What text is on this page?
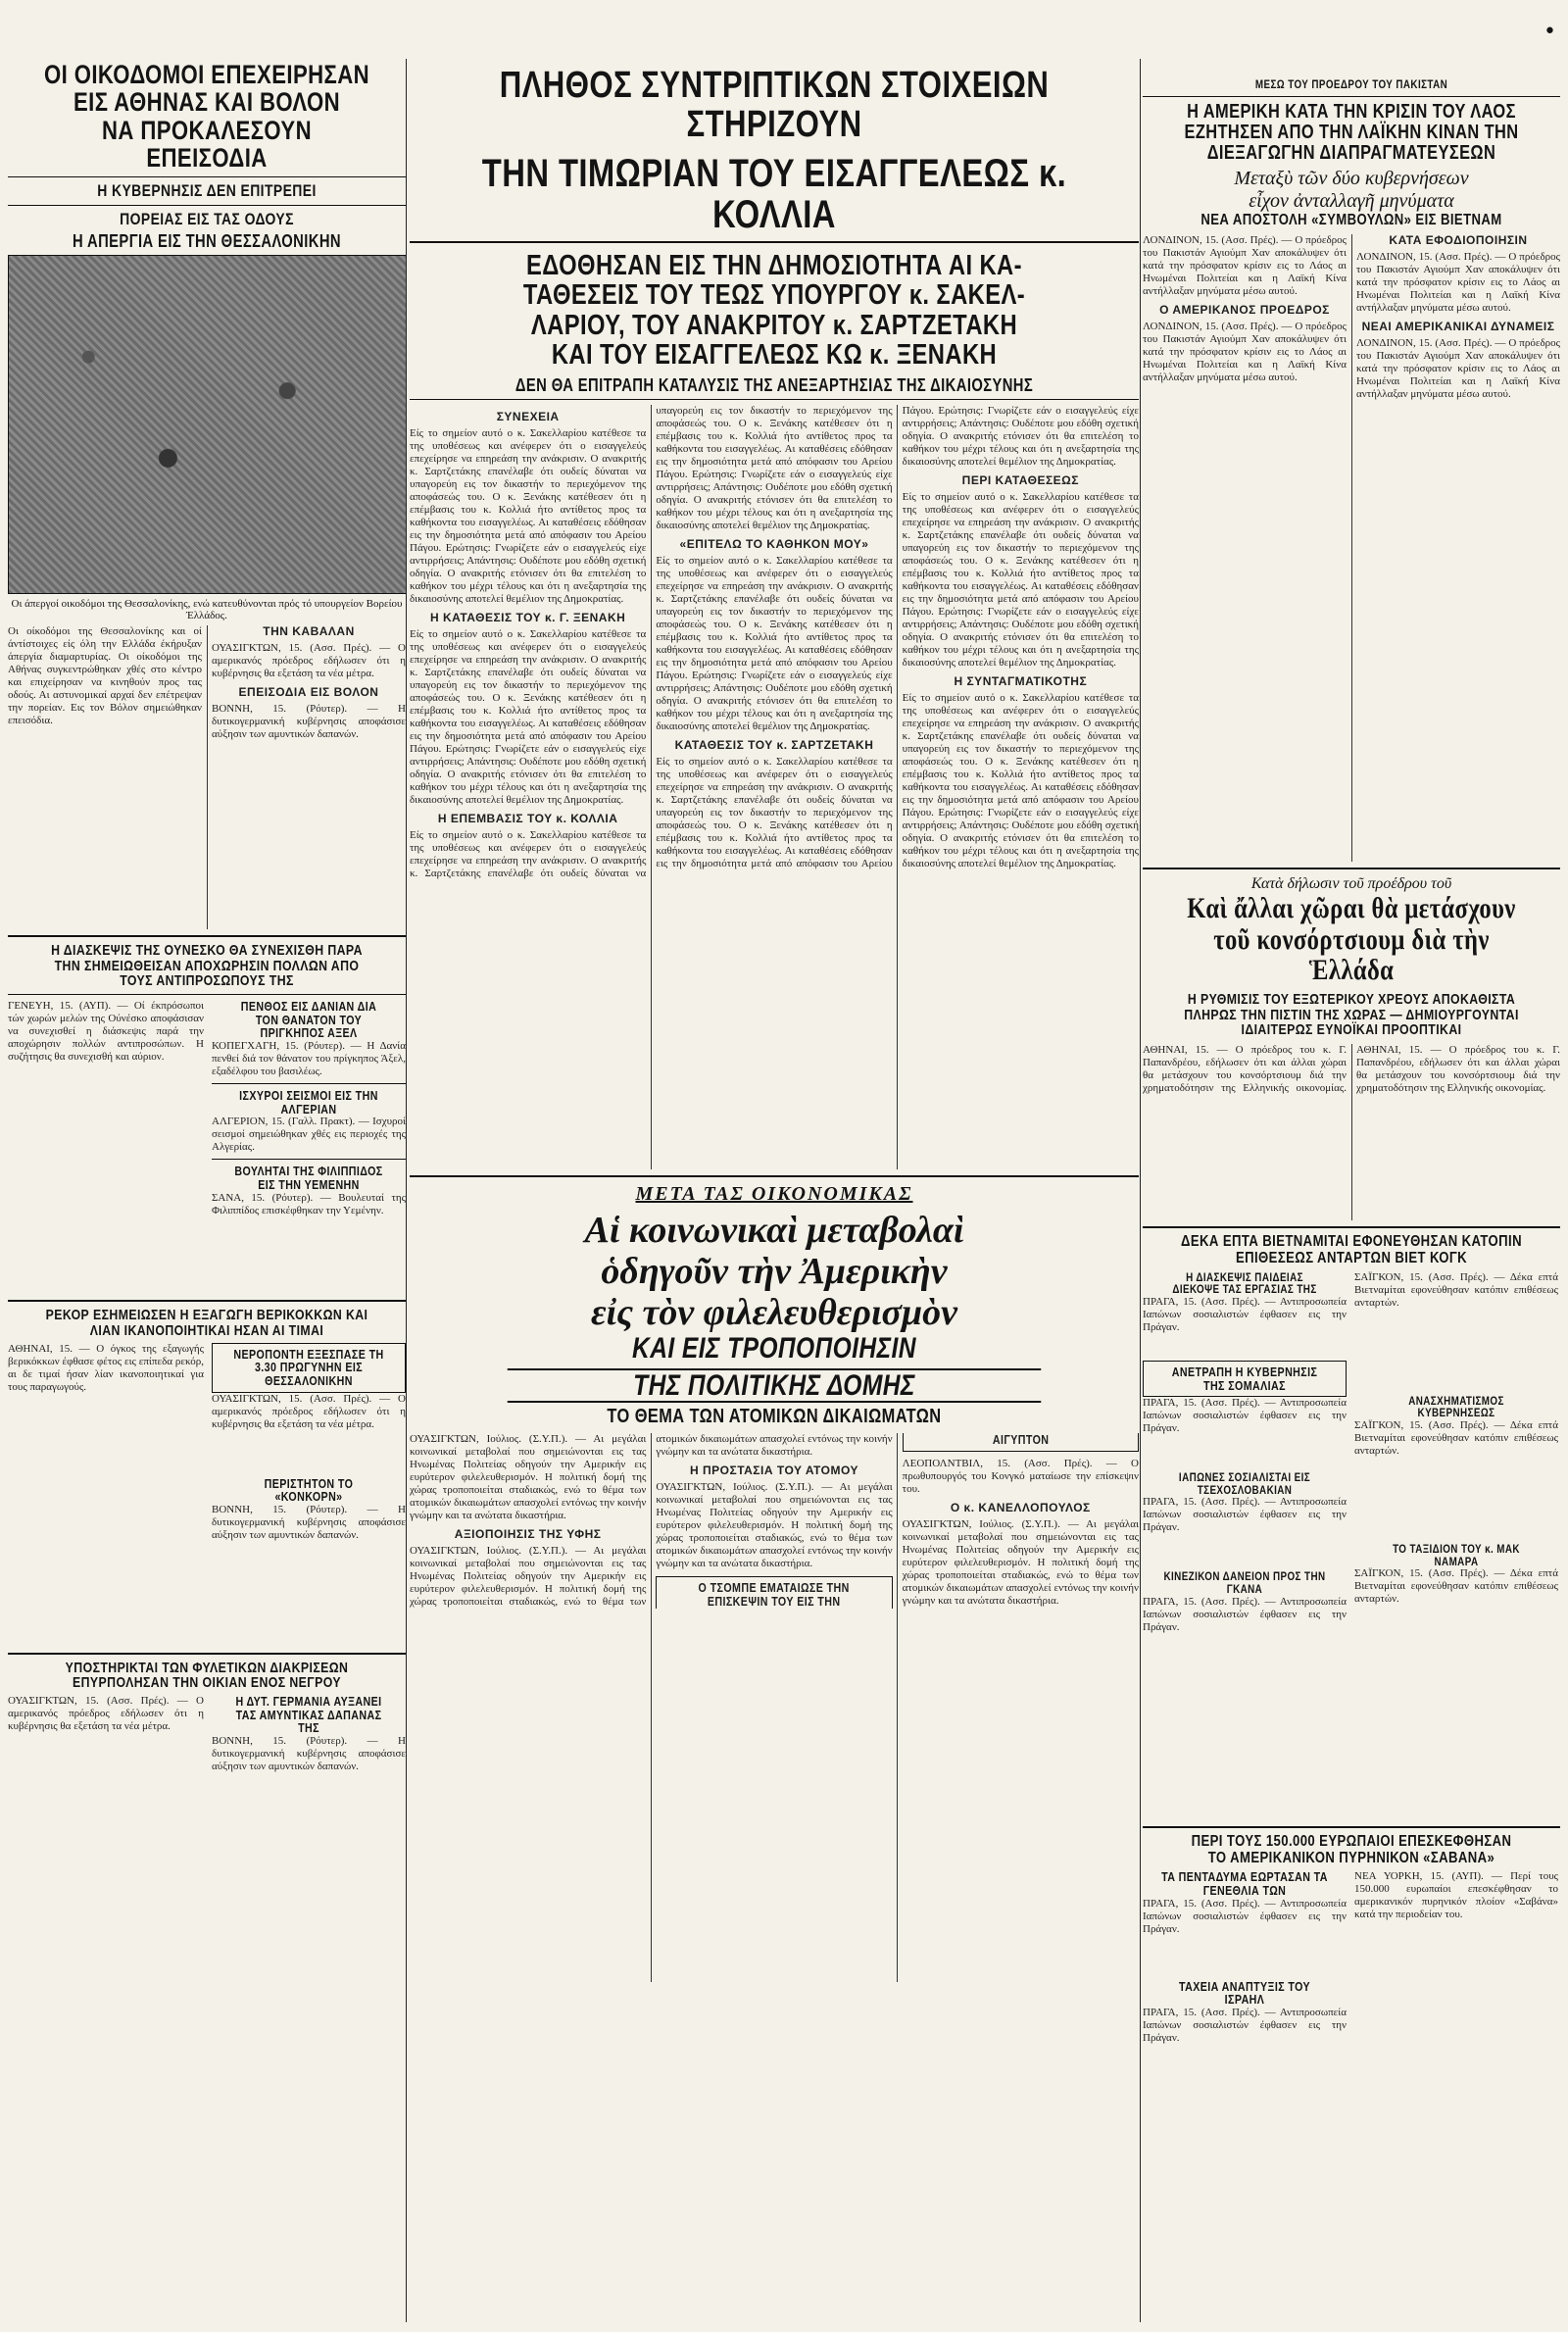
ΟΙ ΟΙΚΟΔΟΜΟΙ ΕΠΕΧΕΙΡΗΣΑΝ
ΕΙΣ ΑΘΗΝΑΣ ΚΑΙ ΒΟΛΟΝ
ΝΑ ΠΡΟΚΑΛΕΣΟΥΝ ΕΠΕΙΣΟΔΙΑ
Η ΚΥΒΕΡΝΗΣΙΣ ΔΕΝ ΕΠΙΤΡΕΠΕΙ
ΠΟΡΕΙΑΣ ΕΙΣ ΤΑΣ ΟΔΟΥΣ
Η ΑΠΕΡΓΙΑ ΕΙΣ ΤΗΝ ΘΕΣΣΑΛΟΝΙΚΗΝ
Οι άπεργοί οικοδόμοι της Θεσσαλονίκης, ενώ κατευθύνονται πρός τό υπουργείον Βορείου Έλλάδος.
Οι οίκοδόμοι της Θεσσαλονίκης και οί άντίστοιχες είς όλη την Ελλάδα έκήρυξαν άπεργία διαμαρτυρίας. Οι οίκοδόμοι της Αθήνας συγκεντρώθηκαν χθές στο κέντρο και επιχείρησαν να κινηθούν προς τας οδούς. Αι αστυνομικαί αρχαί δεν επέτρεψαν την πορείαν. Εις τον Βόλον σημειώθηκαν επεισόδια.
ΤΗΝ ΚΑΒΑΛΑΝ
ΟΥΑΣΙΓΚΤΩΝ, 15. (Ασσ. Πρές). — Ο αμερικανός πρόεδρος εδήλωσεν ότι η κυβέρνησις θα εξετάση τα νέα μέτρα.
ΕΠΕΙΣΟΔΙΑ ΕΙΣ ΒΟΛΟΝ
ΒΟΝΝΗ, 15. (Ρόυτερ). — Η δυτικογερμανική κυβέρνησις αποφάσισε αύξησιν των αμυντικών δαπανών.
Η ΔΙΑΣΚΕΨΙΣ ΤΗΣ ΟΥΝΕΣΚΟ ΘΑ ΣΥΝΕΧΙΣΘΗ ΠΑΡΑ ΤΗΝ ΣΗΜΕΙΩΘΕΙΣΑΝ ΑΠΟΧΩΡΗΣΙΝ ΠΟΛΛΩΝ ΑΠΟ ΤΟΥΣ ΑΝΤΙΠΡΟΣΩΠΟΥΣ ΤΗΣ
ΓΕΝΕΥΗ, 15. (ΑΥΠ). — Οί έκπρόσωποι τών χωρών μελών της Ούνέσκο αποφάσισαν να συνεχισθεί η διάσκεψις παρά την αποχώρησιν πολλών αντιπροσώπων. Η συζήτησις θα συνεχισθή και αύριον.
ΠΕΝΘΟΣ ΕΙΣ ΔΑΝΙΑΝ ΔΙΑ ΤΟΝ ΘΑΝΑΤΟΝ ΤΟΥ ΠΡΙΓΚΗΠΟΣ ΑΞΕΛ
ΚΟΠΕΓΧΑΓΗ, 15. (Ρόυτερ). — Η Δανία πενθεί διά τον θάνατον του πρίγκηπος Άξελ, εξαδέλφου του βασιλέως.
ΙΣΧΥΡΟΙ ΣΕΙΣΜΟΙ ΕΙΣ ΤΗΝ ΑΛΓΕΡΙΑΝ
ΑΛΓΕΡΙΟΝ, 15. (Γαλλ. Πρακτ). — Ισχυροί σεισμοί σημειώθηκαν χθές εις περιοχές της Αλγερίας.
ΒΟΥΛΗΤΑΙ ΤΗΣ ΦΙΛΙΠΠΙΔΟΣ ΕΙΣ ΤΗΝ ΥΕΜΕΝΗΝ
ΣΑΝΑ, 15. (Ρόυτερ). — Βουλευταί της Φιλιππίδος επισκέφθηκαν την Υεμένην.
ΡΕΚΟΡ ΕΣΗΜΕΙΩΣΕΝ Η ΕΞΑΓΩΓΗ ΒΕΡΙΚΟΚΚΩΝ ΚΑΙ ΛΙΑΝ ΙΚΑΝΟΠΟΙΗΤΙΚΑΙ ΗΣΑΝ ΑΙ ΤΙΜΑΙ
ΑΘΗΝΑΙ, 15. — Ο όγκος της εξαγωγής βερικόκκων έφθασε φέτος εις επίπεδα ρεκόρ, αι δε τιμαί ήσαν λίαν ικανοποιητικαί για τους παραγωγούς.
ΝΕΡΟΠΟΝΤΗ ΕΞΕΣΠΑΣΕ ΤΗ 3.30 ΠΡΩΓΥΝΗΝ ΕΙΣ ΘΕΣΣΑΛΟΝΙΚΗΝ
ΟΥΑΣΙΓΚΤΩΝ, 15. (Ασσ. Πρές). — Ο αμερικανός πρόεδρος εδήλωσεν ότι η κυβέρνησις θα εξετάση τα νέα μέτρα.
ΠΕΡΙΣΤΗΤΟΝ ΤΟ «ΚΟΝΚΟΡΝ»
ΒΟΝΝΗ, 15. (Ρόυτερ). — Η δυτικογερμανική κυβέρνησις αποφάσισε αύξησιν των αμυντικών δαπανών.
ΥΠΟΣΤΗΡΙΚΤΑΙ ΤΩΝ ΦΥΛΕΤΙΚΩΝ ΔΙΑΚΡΙΣΕΩΝ ΕΠΥΡΠΟΛΗΣΑΝ ΤΗΝ ΟΙΚΙΑΝ ΕΝΟΣ ΝΕΓΡΟΥ
ΟΥΑΣΙΓΚΤΩΝ, 15. (Ασσ. Πρές). — Ο αμερικανός πρόεδρος εδήλωσεν ότι η κυβέρνησις θα εξετάση τα νέα μέτρα.
Η ΔΥΤ. ΓΕΡΜΑΝΙΑ ΑΥΞΑΝΕΙ ΤΑΣ ΑΜΥΝΤΙΚΑΣ ΔΑΠΑΝΑΣ ΤΗΣ
ΒΟΝΝΗ, 15. (Ρόυτερ). — Η δυτικογερμανική κυβέρνησις αποφάσισε αύξησιν των αμυντικών δαπανών.
ΠΛΗΘΟΣ ΣΥΝΤΡΙΠΤΙΚΩΝ ΣΤΟΙΧΕΙΩΝ ΣΤΗΡΙΖΟΥΝ
ΤΗΝ ΤΙΜΩΡΙΑΝ ΤΟΥ ΕΙΣΑΓΓΕΛΕΩΣ κ. ΚΟΛΛΙΑ
ΕΔΟΘΗΣΑΝ ΕΙΣ ΤΗΝ ΔΗΜΟΣΙΟΤΗΤΑ ΑΙ ΚΑ-
ΤΑΘΕΣΕΙΣ ΤΟΥ ΤΕΩΣ ΥΠΟΥΡΓΟΥ κ. ΣΑΚΕΛ-
ΛΑΡΙΟΥ, ΤΟΥ ΑΝΑΚΡΙΤΟΥ κ. ΣΑΡΤΖΕΤΑΚΗ
ΚΑΙ ΤΟΥ ΕΙΣΑΓΓΕΛΕΩΣ ΚΩ κ. ΞΕΝΑΚΗ
ΔΕΝ ΘΑ ΕΠΙΤΡΑΠΗ ΚΑΤΑΛΥΣΙΣ ΤΗΣ ΑΝΕΞΑΡΤΗΣΙΑΣ ΤΗΣ ΔΙΚΑΙΟΣΥΝΗΣ
ΣΥΝΕΧΕΙΑ
Είς το σημείον αυτό ο κ. Σακελλαρίου κατέθεσε τα της υποθέσεως και ανέφερεν ότι ο εισαγγελεύς επεχείρησε να επηρεάση την ανάκρισιν. Ο ανακριτής κ. Σαρτζετάκης επανέλαβε ότι ουδείς δύναται να υπαγορεύη εις τον δικαστήν το περιεχόμενον της αποφάσεώς του. Ο κ. Ξενάκης κατέθεσεν ότι η επέμβασις του κ. Κολλιά ήτο αντίθετος προς τα καθήκοντα του εισαγγελέως. Αι καταθέσεις εδόθησαν εις την δημοσιότητα μετά από απόφασιν του Αρείου Πάγου. Ερώτησις: Γνωρίζετε εάν ο εισαγγελεύς είχε αντιρρήσεις; Απάντησις: Ουδέποτε μου εδόθη σχετική οδηγία. Ο ανακριτής ετόνισεν ότι θα επιτελέση το καθήκον του μέχρι τέλους και ότι η ανεξαρτησία της δικαιοσύνης αποτελεί θεμέλιον της Δημοκρατίας.
Η ΚΑΤΑΘΕΣΙΣ ΤΟΥ κ. Γ. ΞΕΝΑΚΗ
Είς το σημείον αυτό ο κ. Σακελλαρίου κατέθεσε τα της υποθέσεως και ανέφερεν ότι ο εισαγγελεύς επεχείρησε να επηρεάση την ανάκρισιν. Ο ανακριτής κ. Σαρτζετάκης επανέλαβε ότι ουδείς δύναται να υπαγορεύη εις τον δικαστήν το περιεχόμενον της αποφάσεώς του. Ο κ. Ξενάκης κατέθεσεν ότι η επέμβασις του κ. Κολλιά ήτο αντίθετος προς τα καθήκοντα του εισαγγελέως. Αι καταθέσεις εδόθησαν εις την δημοσιότητα μετά από απόφασιν του Αρείου Πάγου. Ερώτησις: Γνωρίζετε εάν ο εισαγγελεύς είχε αντιρρήσεις; Απάντησις: Ουδέποτε μου εδόθη σχετική οδηγία. Ο ανακριτής ετόνισεν ότι θα επιτελέση το καθήκον του μέχρι τέλους και ότι η ανεξαρτησία της δικαιοσύνης αποτελεί θεμέλιον της Δημοκρατίας.
Η ΕΠΕΜΒΑΣΙΣ ΤΟΥ κ. ΚΟΛΛΙΑ
Είς το σημείον αυτό ο κ. Σακελλαρίου κατέθεσε τα της υποθέσεως και ανέφερεν ότι ο εισαγγελεύς επεχείρησε να επηρεάση την ανάκρισιν. Ο ανακριτής κ. Σαρτζετάκης επανέλαβε ότι ουδείς δύναται να υπαγορεύη εις τον δικαστήν το περιεχόμενον της αποφάσεώς του. Ο κ. Ξενάκης κατέθεσεν ότι η επέμβασις του κ. Κολλιά ήτο αντίθετος προς τα καθήκοντα του εισαγγελέως. Αι καταθέσεις εδόθησαν εις την δημοσιότητα μετά από απόφασιν του Αρείου Πάγου. Ερώτησις: Γνωρίζετε εάν ο εισαγγελεύς είχε αντιρρήσεις; Απάντησις: Ουδέποτε μου εδόθη σχετική οδηγία. Ο ανακριτής ετόνισεν ότι θα επιτελέση το καθήκον του μέχρι τέλους και ότι η ανεξαρτησία της δικαιοσύνης αποτελεί θεμέλιον της Δημοκρατίας.
«ΕΠΙΤΕΛΩ ΤΟ ΚΑΘΗΚΟΝ ΜΟΥ»
Είς το σημείον αυτό ο κ. Σακελλαρίου κατέθεσε τα της υποθέσεως και ανέφερεν ότι ο εισαγγελεύς επεχείρησε να επηρεάση την ανάκρισιν. Ο ανακριτής κ. Σαρτζετάκης επανέλαβε ότι ουδείς δύναται να υπαγορεύη εις τον δικαστήν το περιεχόμενον της αποφάσεώς του. Ο κ. Ξενάκης κατέθεσεν ότι η επέμβασις του κ. Κολλιά ήτο αντίθετος προς τα καθήκοντα του εισαγγελέως. Αι καταθέσεις εδόθησαν εις την δημοσιότητα μετά από απόφασιν του Αρείου Πάγου. Ερώτησις: Γνωρίζετε εάν ο εισαγγελεύς είχε αντιρρήσεις; Απάντησις: Ουδέποτε μου εδόθη σχετική οδηγία. Ο ανακριτής ετόνισεν ότι θα επιτελέση το καθήκον του μέχρι τέλους και ότι η ανεξαρτησία της δικαιοσύνης αποτελεί θεμέλιον της Δημοκρατίας.
ΚΑΤΑΘΕΣΙΣ ΤΟΥ κ. ΣΑΡΤΖΕΤΑΚΗ
Είς το σημείον αυτό ο κ. Σακελλαρίου κατέθεσε τα της υποθέσεως και ανέφερεν ότι ο εισαγγελεύς επεχείρησε να επηρεάση την ανάκρισιν. Ο ανακριτής κ. Σαρτζετάκης επανέλαβε ότι ουδείς δύναται να υπαγορεύη εις τον δικαστήν το περιεχόμενον της αποφάσεώς του. Ο κ. Ξενάκης κατέθεσεν ότι η επέμβασις του κ. Κολλιά ήτο αντίθετος προς τα καθήκοντα του εισαγγελέως. Αι καταθέσεις εδόθησαν εις την δημοσιότητα μετά από απόφασιν του Αρείου Πάγου. Ερώτησις: Γνωρίζετε εάν ο εισαγγελεύς είχε αντιρρήσεις; Απάντησις: Ουδέποτε μου εδόθη σχετική οδηγία. Ο ανακριτής ετόνισεν ότι θα επιτελέση το καθήκον του μέχρι τέλους και ότι η ανεξαρτησία της δικαιοσύνης αποτελεί θεμέλιον της Δημοκρατίας.
ΠΕΡΙ ΚΑΤΑΘΕΣΕΩΣ
Είς το σημείον αυτό ο κ. Σακελλαρίου κατέθεσε τα της υποθέσεως και ανέφερεν ότι ο εισαγγελεύς επεχείρησε να επηρεάση την ανάκρισιν. Ο ανακριτής κ. Σαρτζετάκης επανέλαβε ότι ουδείς δύναται να υπαγορεύη εις τον δικαστήν το περιεχόμενον της αποφάσεώς του. Ο κ. Ξενάκης κατέθεσεν ότι η επέμβασις του κ. Κολλιά ήτο αντίθετος προς τα καθήκοντα του εισαγγελέως. Αι καταθέσεις εδόθησαν εις την δημοσιότητα μετά από απόφασιν του Αρείου Πάγου. Ερώτησις: Γνωρίζετε εάν ο εισαγγελεύς είχε αντιρρήσεις; Απάντησις: Ουδέποτε μου εδόθη σχετική οδηγία. Ο ανακριτής ετόνισεν ότι θα επιτελέση το καθήκον του μέχρι τέλους και ότι η ανεξαρτησία της δικαιοσύνης αποτελεί θεμέλιον της Δημοκρατίας.
Η ΣΥΝΤΑΓΜΑΤΙΚΟΤΗΣ
Είς το σημείον αυτό ο κ. Σακελλαρίου κατέθεσε τα της υποθέσεως και ανέφερεν ότι ο εισαγγελεύς επεχείρησε να επηρεάση την ανάκρισιν. Ο ανακριτής κ. Σαρτζετάκης επανέλαβε ότι ουδείς δύναται να υπαγορεύη εις τον δικαστήν το περιεχόμενον της αποφάσεώς του. Ο κ. Ξενάκης κατέθεσεν ότι η επέμβασις του κ. Κολλιά ήτο αντίθετος προς τα καθήκοντα του εισαγγελέως. Αι καταθέσεις εδόθησαν εις την δημοσιότητα μετά από απόφασιν του Αρείου Πάγου. Ερώτησις: Γνωρίζετε εάν ο εισαγγελεύς είχε αντιρρήσεις; Απάντησις: Ουδέποτε μου εδόθη σχετική οδηγία. Ο ανακριτής ετόνισεν ότι θα επιτελέση το καθήκον του μέχρι τέλους και ότι η ανεξαρτησία της δικαιοσύνης αποτελεί θεμέλιον της Δημοκρατίας.
ΜΕΤΑ ΤΑΣ ΟΙΚΟΝΟΜΙΚΑΣ
Αἱ κοινωνικαὶ μεταβολαὶ
ὁδηγοῦν τὴν Ἀμερικὴν
εἰς τὸν φιλελευθερισμὸν
ΚΑΙ ΕΙΣ ΤΡΟΠΟΠΟΙΗΣΙΝ
ΤΗΣ ΠΟΛΙΤΙΚΗΣ ΔΟΜΗΣ
ΤΟ ΘΕΜΑ ΤΩΝ ΑΤΟΜΙΚΩΝ ΔΙΚΑΙΩΜΑΤΩΝ
ΟΥΑΣΙΓΚΤΩΝ, Ιούλιος. (Σ.Υ.Π.). — Αι μεγάλαι κοινωνικαί μεταβολαί που σημειώνονται εις τας Ηνωμένας Πολιτείας οδηγούν την Αμερικήν εις ευρύτερον φιλελευθερισμόν. Η πολιτική δομή της χώρας τροποποιείται σταδιακώς, ενώ το θέμα των ατομικών δικαιωμάτων απασχολεί εντόνως την κοινήν γνώμην και τα ανώτατα δικαστήρια.
ΑΞΙΟΠΟΙΗΣΙΣ ΤΗΣ ΥΦΗΣ
ΟΥΑΣΙΓΚΤΩΝ, Ιούλιος. (Σ.Υ.Π.). — Αι μεγάλαι κοινωνικαί μεταβολαί που σημειώνονται εις τας Ηνωμένας Πολιτείας οδηγούν την Αμερικήν εις ευρύτερον φιλελευθερισμόν. Η πολιτική δομή της χώρας τροποποιείται σταδιακώς, ενώ το θέμα των ατομικών δικαιωμάτων απασχολεί εντόνως την κοινήν γνώμην και τα ανώτατα δικαστήρια.
Η ΠΡΟΣΤΑΣΙΑ ΤΟΥ ΑΤΟΜΟΥ
ΟΥΑΣΙΓΚΤΩΝ, Ιούλιος. (Σ.Υ.Π.). — Αι μεγάλαι κοινωνικαί μεταβολαί που σημειώνονται εις τας Ηνωμένας Πολιτείας οδηγούν την Αμερικήν εις ευρύτερον φιλελευθερισμόν. Η πολιτική δομή της χώρας τροποποιείται σταδιακώς, ενώ το θέμα των ατομικών δικαιωμάτων απασχολεί εντόνως την κοινήν γνώμην και τα ανώτατα δικαστήρια.
Ο ΤΣΟΜΠΕ ΕΜΑΤΑΙΩΣΕ ΤΗΝ ΕΠΙΣΚΕΨΙΝ ΤΟΥ ΕΙΣ ΤΗΝ ΑΙΓΥΠΤΟΝ
ΛΕΟΠΟΛΝΤΒΙΛ, 15. (Ασσ. Πρές). — Ο πρωθυπουργός του Κονγκό ματαίωσε την επίσκεψιν του.
Ο κ. ΚΑΝΕΛΛΟΠΟΥΛΟΣ
ΟΥΑΣΙΓΚΤΩΝ, Ιούλιος. (Σ.Υ.Π.). — Αι μεγάλαι κοινωνικαί μεταβολαί που σημειώνονται εις τας Ηνωμένας Πολιτείας οδηγούν την Αμερικήν εις ευρύτερον φιλελευθερισμόν. Η πολιτική δομή της χώρας τροποποιείται σταδιακώς, ενώ το θέμα των ατομικών δικαιωμάτων απασχολεί εντόνως την κοινήν γνώμην και τα ανώτατα δικαστήρια.
•
ΜΕΣΩ ΤΟΥ ΠΡΟΕΔΡΟΥ ΤΟΥ ΠΑΚΙΣΤΑΝ
Η ΑΜΕΡΙΚΗ ΚΑΤΑ ΤΗΝ ΚΡΙΣΙΝ ΤΟΥ ΛΑΟΣ ΕΖΗΤΗΣΕΝ ΑΠΟ ΤΗΝ ΛΑΪΚΗΝ ΚΙΝΑΝ ΤΗΝ ΔΙΕΞΑΓΩΓΗΝ ΔΙΑΠΡΑΓΜΑΤΕΥΣΕΩΝ
Μεταξὺ τῶν δύο κυβερνήσεων
εἶχον ἀνταλλαγῆ μηνύματα
ΝΕΑ ΑΠΟΣΤΟΛΗ «ΣΥΜΒΟΥΛΩΝ» ΕΙΣ ΒΙΕΤΝΑΜ
ΛΟΝΔΙΝΟΝ, 15. (Ασσ. Πρές). — Ο πρόεδρος του Πακιστάν Αγιούμπ Χαν αποκάλυψεν ότι κατά την πρόσφατον κρίσιν εις το Λάος αι Ηνωμέναι Πολιτείαι και η Λαϊκή Κίνα αντήλλαξαν μηνύματα μέσω αυτού.
Ο ΑΜΕΡΙΚΑΝΟΣ ΠΡΟΕΔΡΟΣ
ΛΟΝΔΙΝΟΝ, 15. (Ασσ. Πρές). — Ο πρόεδρος του Πακιστάν Αγιούμπ Χαν αποκάλυψεν ότι κατά την πρόσφατον κρίσιν εις το Λάος αι Ηνωμέναι Πολιτείαι και η Λαϊκή Κίνα αντήλλαξαν μηνύματα μέσω αυτού.
ΚΑΤΑ ΕΦΟΔΙΟΠΟΙΗΣΙΝ
ΛΟΝΔΙΝΟΝ, 15. (Ασσ. Πρές). — Ο πρόεδρος του Πακιστάν Αγιούμπ Χαν αποκάλυψεν ότι κατά την πρόσφατον κρίσιν εις το Λάος αι Ηνωμέναι Πολιτείαι και η Λαϊκή Κίνα αντήλλαξαν μηνύματα μέσω αυτού.
ΝΕΑΙ ΑΜΕΡΙΚΑΝΙΚΑΙ ΔΥΝΑΜΕΙΣ
ΛΟΝΔΙΝΟΝ, 15. (Ασσ. Πρές). — Ο πρόεδρος του Πακιστάν Αγιούμπ Χαν αποκάλυψεν ότι κατά την πρόσφατον κρίσιν εις το Λάος αι Ηνωμέναι Πολιτείαι και η Λαϊκή Κίνα αντήλλαξαν μηνύματα μέσω αυτού.
Κατὰ δήλωσιν τοῦ προέδρου τοῦ
Καὶ ἄλλαι χῶραι θὰ μετάσχουν
τοῦ κονσόρτσιουμ διὰ τὴν Ἑλλάδα
Η ΡΥΘΜΙΣΙΣ ΤΟΥ ΕΞΩΤΕΡΙΚΟΥ ΧΡΕΟΥΣ ΑΠΟΚΑΘΙΣΤΑ ΠΛΗΡΩΣ ΤΗΝ ΠΙΣΤΙΝ ΤΗΣ ΧΩΡΑΣ — ΔΗΜΙΟΥΡΓΟΥΝΤΑΙ ΙΔΙΑΙΤΕΡΩΣ ΕΥΝΟΪΚΑΙ ΠΡΟΟΠΤΙΚΑΙ
ΑΘΗΝΑΙ, 15. — Ο πρόεδρος του κ. Γ. Παπανδρέου, εδήλωσεν ότι και άλλαι χώραι θα μετάσχουν του κονσόρτσιουμ διά την χρηματοδότησιν της Ελληνικής οικονομίας. ΑΘΗΝΑΙ, 15. — Ο πρόεδρος του κ. Γ. Παπανδρέου, εδήλωσεν ότι και άλλαι χώραι θα μετάσχουν του κονσόρτσιουμ διά την χρηματοδότησιν της Ελληνικής οικονομίας.
ΔΕΚΑ ΕΠΤΑ ΒΙΕΤΝΑΜΙΤΑΙ ΕΦΟΝΕΥΘΗΣΑΝ ΚΑΤΟΠΙΝ ΕΠΙΘΕΣΕΩΣ ΑΝΤΑΡΤΩΝ ΒΙΕΤ ΚΟΓΚ
Η ΔΙΑΣΚΕΨΙΣ ΠΑΙΔΕΙΑΣ ΔΙΕΚΟΨΕ ΤΑΣ ΕΡΓΑΣΙΑΣ ΤΗΣ
ΠΡΑΓΑ, 15. (Ασσ. Πρές). — Αντιπροσωπεία Ιαπώνων σοσιαλιστών έφθασεν εις την Πράγαν.
ΑΝΕΤΡΑΠΗ Η ΚΥΒΕΡΝΗΣΙΣ ΤΗΣ ΣΟΜΑΛΙΑΣ
ΠΡΑΓΑ, 15. (Ασσ. Πρές). — Αντιπροσωπεία Ιαπώνων σοσιαλιστών έφθασεν εις την Πράγαν.
ΙΑΠΩΝΕΣ ΣΟΣΙΑΛΙΣΤΑΙ ΕΙΣ ΤΣΕΧΟΣΛΟΒΑΚΙΑΝ
ΠΡΑΓΑ, 15. (Ασσ. Πρές). — Αντιπροσωπεία Ιαπώνων σοσιαλιστών έφθασεν εις την Πράγαν.
ΚΙΝΕΖΙΚΟΝ ΔΑΝΕΙΟΝ ΠΡΟΣ ΤΗΝ ΓΚΑΝΑ
ΠΡΑΓΑ, 15. (Ασσ. Πρές). — Αντιπροσωπεία Ιαπώνων σοσιαλιστών έφθασεν εις την Πράγαν.
ΣΑΪΓΚΟΝ, 15. (Ασσ. Πρές). — Δέκα επτά Βιετναμίται εφονεύθησαν κατόπιν επιθέσεως ανταρτών.
ΑΝΑΣΧΗΜΑΤΙΣΜΟΣ ΚΥΒΕΡΝΗΣΕΩΣ
ΣΑΪΓΚΟΝ, 15. (Ασσ. Πρές). — Δέκα επτά Βιετναμίται εφονεύθησαν κατόπιν επιθέσεως ανταρτών.
ΤΟ ΤΑΞΙΔΙΟΝ ΤΟΥ κ. ΜΑΚ ΝΑΜΑΡΑ
ΣΑΪΓΚΟΝ, 15. (Ασσ. Πρές). — Δέκα επτά Βιετναμίται εφονεύθησαν κατόπιν επιθέσεως ανταρτών.
ΠΕΡΙ ΤΟΥΣ 150.000 ΕΥΡΩΠΑΙΟΙ ΕΠΕΣΚΕΦΘΗΣΑΝ ΤΟ ΑΜΕΡΙΚΑΝΙΚΟΝ ΠΥΡΗΝΙΚΟΝ «ΣΑΒΑΝΑ»
ΤΑ ΠΕΝΤΑΔΥΜΑ ΕΩΡΤΑΣΑΝ ΤΑ ΓΕΝΕΘΛΙΑ ΤΩΝ
ΠΡΑΓΑ, 15. (Ασσ. Πρές). — Αντιπροσωπεία Ιαπώνων σοσιαλιστών έφθασεν εις την Πράγαν.
ΤΑΧΕΙΑ ΑΝΑΠΤΥΞΙΣ ΤΟΥ ΙΣΡΑΗΛ
ΠΡΑΓΑ, 15. (Ασσ. Πρές). — Αντιπροσωπεία Ιαπώνων σοσιαλιστών έφθασεν εις την Πράγαν.
ΝΕΑ ΥΟΡΚΗ, 15. (ΑΥΠ). — Περί τους 150.000 ευρωπαίοι επεσκέφθησαν το αμερικανικόν πυρηνικόν πλοίον «Σαβάνα» κατά την περιοδείαν του.
